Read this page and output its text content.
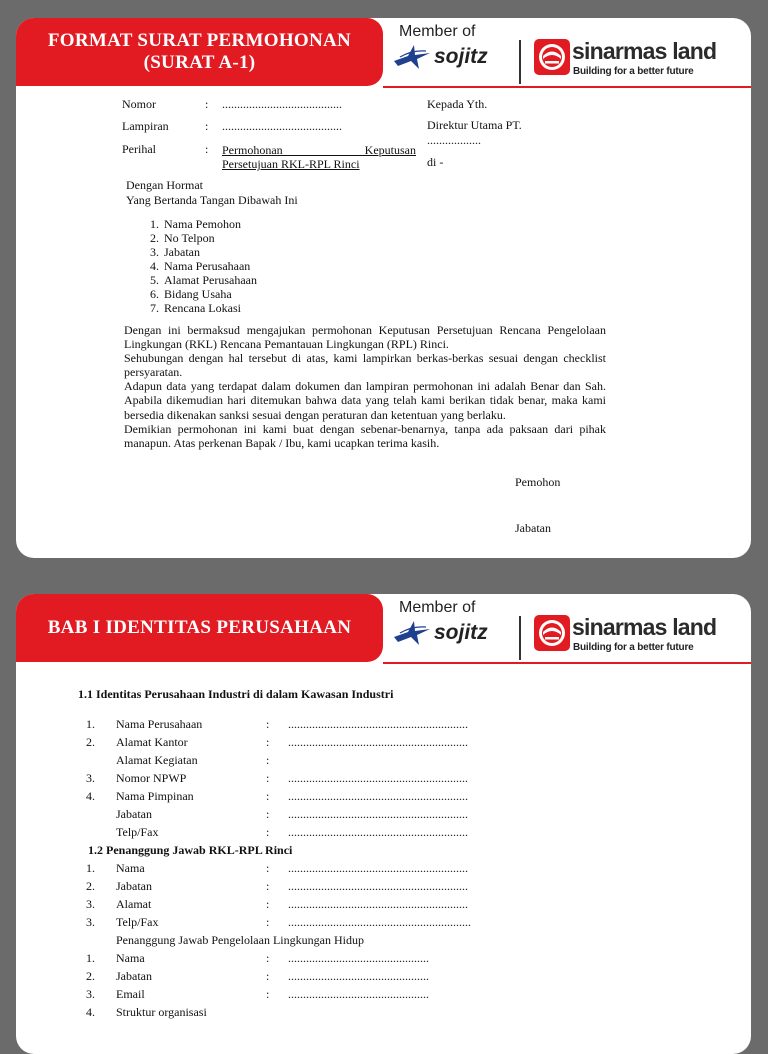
FORMAT SURAT PERMOHONAN
(SURAT A-1)
Member of
sojitz	sinarmas land
Building for a better future
Nomor	: ........................................
Lampiran	: ........................................
Perihal	: Permohonan Keputusan
Persetujuan RKL-RPL Rinci
Kepada Yth.
Direktur Utama PT.
..................
di -
Dengan Hormat
Yang Bertanda Tangan Dibawah Ini
1. Nama Pemohon
2. No Telpon
3. Jabatan
4. Nama Perusahaan
5. Alamat Perusahaan
6. Bidang Usaha
7. Rencana Lokasi

Dengan ini bermaksud mengajukan permohonan Keputusan Persetujuan Rencana Pengelolaan Lingkungan (RKL) Rencana Pemantauan Lingkungan (RPL) Rinci.

Sehubungan dengan hal tersebut di atas, kami lampirkan berkas-berkas sesuai dengan checklist persyaratan.

Adapun data yang terdapat dalam dokumen dan lampiran permohonan ini adalah Benar dan Sah. Apabila dikemudian hari ditemukan bahwa data yang telah kami berikan tidak benar, maka kami bersedia dikenakan sanksi sesuai dengan peraturan dan ketentuan yang berlaku.

Demikian permohonan ini kami buat dengan sebenar-benarnya, tanpa ada paksaan dari pihak manapun. Atas perkenan Bapak / Ibu, kami ucapkan terima kasih.

Pemohon
Jabatan
BAB I IDENTITAS PERUSAHAAN
Member of
sojitz	sinarmas land
Building for a better future
1.1 Identitas Perusahaan Industri di dalam Kawasan Industri
1. Nama Perusahaan	: ............................................................
2. Alamat Kantor	: ............................................................
Alamat Kegiatan	:
3. Nomor NPWP	: ............................................................
4. Nama Pimpinan	: ............................................................
Jabatan	: ............................................................
Telp/Fax	: ............................................................
1.2 Penanggung Jawab RKL-RPL Rinci
1. Nama	: ............................................................
2. Jabatan	: ............................................................
3. Alamat	: ............................................................
3. Telp/Fax	: .............................................................
Penanggung Jawab Pengelolaan Lingkungan Hidup
1. Nama	: ...............................................
2. Jabatan	: ...............................................
3. Email	: ...............................................
4. Struktur organisasi
